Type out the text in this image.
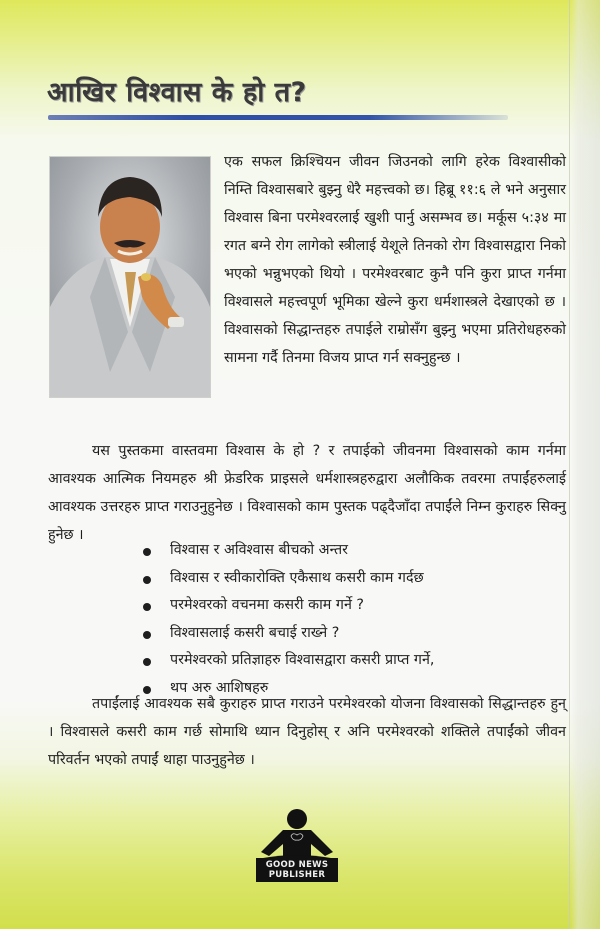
आखिर विश्वास के हो त?

एक सफल क्रिश्चियन जीवन जिउनको लागि हरेक विश्वासीको निम्ति विश्वासबारे बुझ्नु धेरै महत्त्वको छ। हिब्रू ११:६ ले भने अनुसार विश्वास बिना परमेश्वरलाई खुशी पार्नु असम्भव छ। मर्कूस ५:३४ मा रगत बग्ने रोग लागेको स्त्रीलाई येशूले तिनको रोग विश्वासद्वारा निको भएको भन्नुभएको थियो । परमेश्वरबाट कुनै पनि कुरा प्राप्त गर्नमा विश्वासले महत्त्वपूर्ण भूमिका खेल्ने कुरा धर्मशास्त्रले देखाएको छ । विश्वासको सिद्धान्तहरु तपाईले राम्रोसँग बुझ्नु भएमा प्रतिरोधहरुको सामना गर्दै तिनमा विजय प्राप्त गर्न सक्नुहुन्छ ।

यस पुस्तकमा वास्तवमा विश्वास के हो ? र तपाईको जीवनमा विश्वासको काम गर्नमा आवश्यक आत्मिक नियमहरु श्री फ्रेडरिक प्राइसले धर्मशास्त्रहरुद्वारा अलौकिक तवरमा तपाईंहरुलाई आवश्यक उत्तरहरु प्राप्त गराउनुहुनेछ । विश्वासको काम पुस्तक पढ्दैजाँदा तपाईंले निम्न कुराहरु सिक्नु हुनेछ ।

विश्वास र अविश्वास बीचको अन्तर
विश्वास र स्वीकारोक्ति एकैसाथ कसरी काम गर्दछ
परमेश्वरको वचनमा कसरी काम गर्ने ?
विश्वासलाई कसरी बचाई राख्ने ?
परमेश्वरको प्रतिज्ञाहरु विश्वासद्वारा कसरी प्राप्त गर्ने,
थप अरु आशिषहरु

तपाईंलाई आवश्यक सबै कुराहरु प्राप्त गराउने परमेश्वरको योजना विश्वासको सिद्धान्तहरु हुन् । विश्वासले कसरी काम गर्छ सोमाथि ध्यान दिनुहोस् र अनि परमेश्वरको शक्तिले तपाईंको जीवन परिवर्तन भएको तपाईं थाहा पाउनुहुनेछ ।

GOOD NEWS
PUBLISHER
